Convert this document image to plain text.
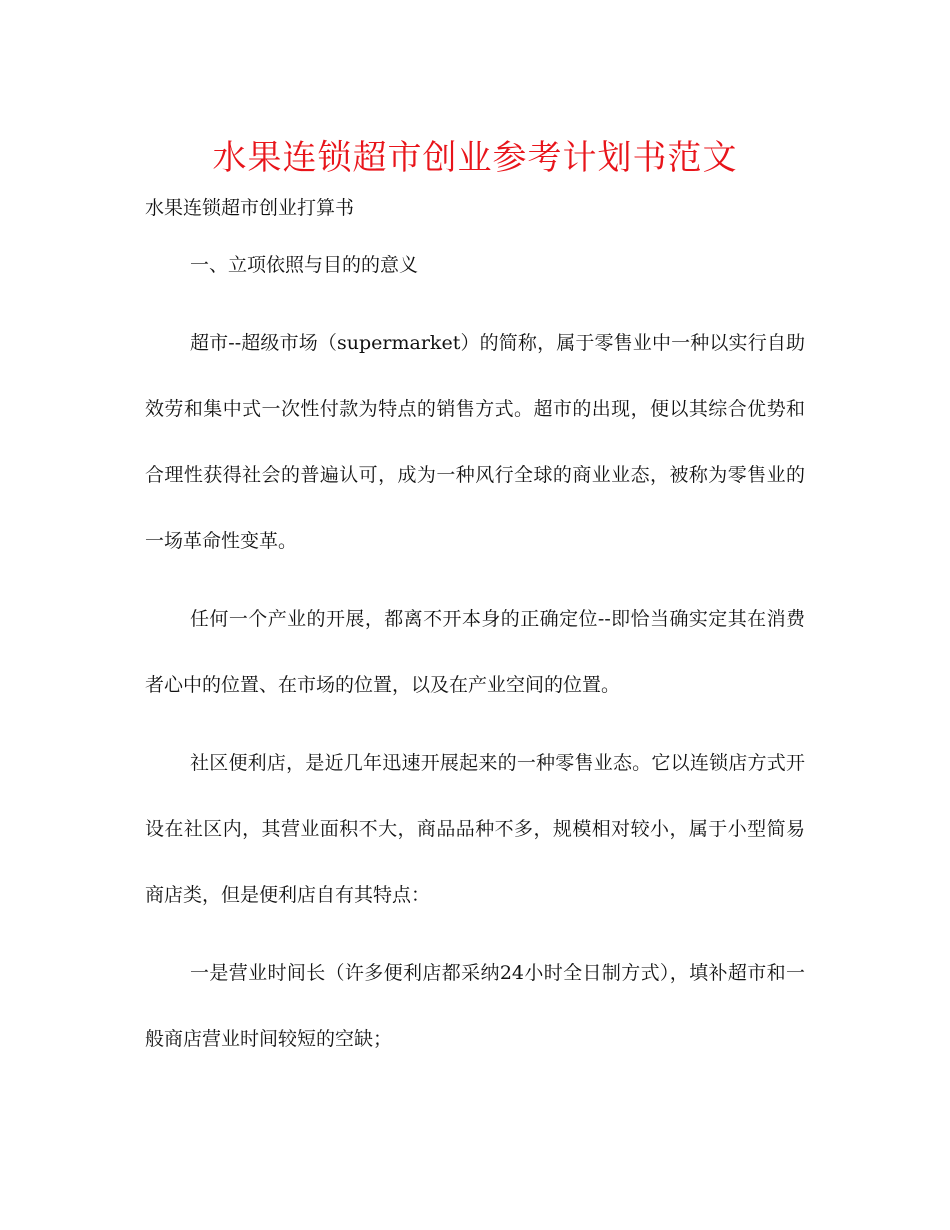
水果连锁超市创业参考计划书范文
水果连锁超市创业打算书

一、立项依照与目的的意义

超市--超级市场（supermarket）的简称，属于零售业中一种以实行自助效劳和集中式一次性付款为特点的销售方式。超市的出现，便以其综合优势和合理性获得社会的普遍认可，成为一种风行全球的商业业态，被称为零售业的一场革命性变革。

任何一个产业的开展，都离不开本身的正确定位--即恰当确实定其在消费者心中的位置、在市场的位置，以及在产业空间的位置。

社区便利店，是近几年迅速开展起来的一种零售业态。它以连锁店方式开设在社区内，其营业面积不大，商品品种不多，规模相对较小，属于小型简易商店类，但是便利店自有其特点：

一是营业时间长（许多便利店都采纳24小时全日制方式），填补超市和一般商店营业时间较短的空缺；
